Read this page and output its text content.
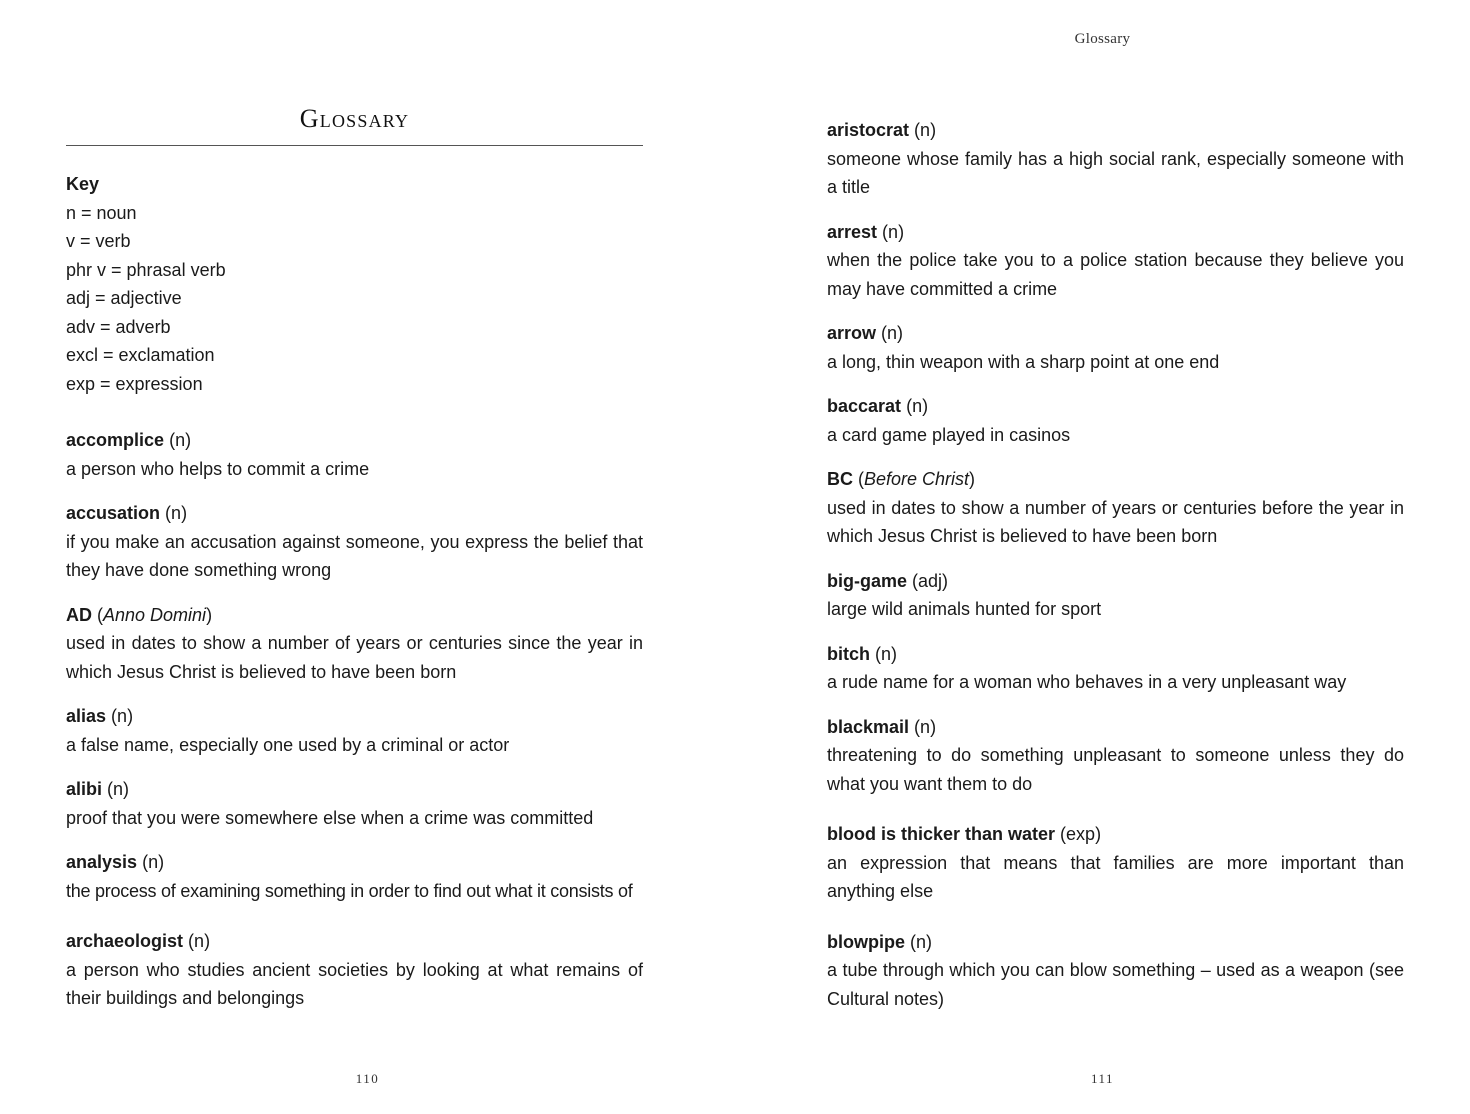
Glossary
Key
n = noun
v = verb
phr v = phrasal verb
adj = adjective
adv = adverb
excl = exclamation
exp = expression
accomplice (n)
a person who helps to commit a crime
accusation (n)
if you make an accusation against someone, you express the belief that they have done something wrong
AD (Anno Domini)
used in dates to show a number of years or centuries since the year in which Jesus Christ is believed to have been born
alias (n)
a false name, especially one used by a criminal or actor
alibi (n)
proof that you were somewhere else when a crime was committed
analysis (n)
the process of examining something in order to find out what it consists of
archaeologist (n)
a person who studies ancient societies by looking at what remains of their buildings and belongings
110
Glossary
aristocrat (n)
someone whose family has a high social rank, especially someone with a title
arrest (n)
when the police take you to a police station because they believe you may have committed a crime
arrow (n)
a long, thin weapon with a sharp point at one end
baccarat (n)
a card game played in casinos
BC (Before Christ)
used in dates to show a number of years or centuries before the year in which Jesus Christ is believed to have been born
big-game (adj)
large wild animals hunted for sport
bitch (n)
a rude name for a woman who behaves in a very unpleasant way
blackmail (n)
threatening to do something unpleasant to someone unless they do what you want them to do
blood is thicker than water (exp)
an expression that means that families are more important than anything else
blowpipe (n)
a tube through which you can blow something – used as a weapon (see Cultural notes)
111
